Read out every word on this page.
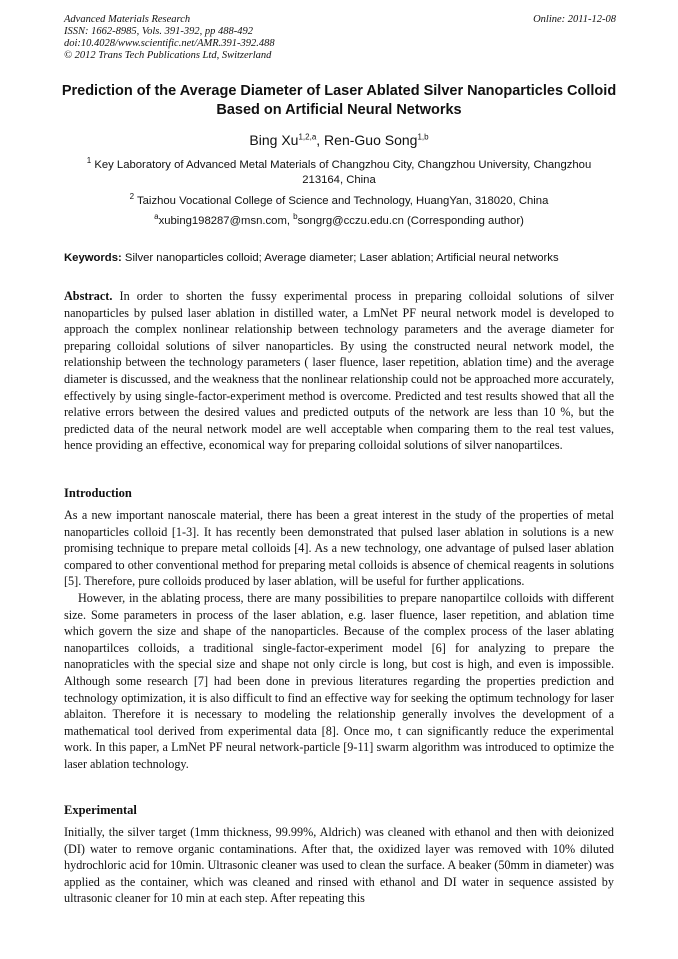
Advanced Materials Research
ISSN: 1662-8985, Vols. 391-392, pp 488-492
doi:10.4028/www.scientific.net/AMR.391-392.488
© 2012 Trans Tech Publications Ltd, Switzerland
Online: 2011-12-08
Prediction of the Average Diameter of Laser Ablated Silver Nanoparticles Colloid Based on Artificial Neural Networks
Bing Xu$^{1,2,a}$, Ren-Guo Song$^{1,b}$
$^1$ Key Laboratory of Advanced Metal Materials of Changzhou City, Changzhou University, Changzhou 213164, China
$^2$ Taizhou Vocational College of Science and Technology, HuangYan, 318020, China
$^a$xubing198287@msn.com, $^b$songrg@cczu.edu.cn (Corresponding author)
Keywords: Silver nanoparticles colloid; Average diameter; Laser ablation; Artificial neural networks

Abstract. In order to shorten the fussy experimental process in preparing colloidal solutions of silver nanoparticles by pulsed laser ablation in distilled water, a LmNet PF neural network model is developed to approach the complex nonlinear relationship between technology parameters and the average diameter for preparing colloidal solutions of silver nanoparticles. By using the constructed neural network model, the relationship between the technology parameters ( laser fluence, laser repetition, ablation time) and the average diameter is discussed, and the weakness that the nonlinear relationship could not be approached more accurately, effectively by using single-factor-experiment method is overcome. Predicted and test results showed that all the relative errors between the desired values and predicted outputs of the network are less than 10 %, but the predicted data of the neural network model are well acceptable when comparing them to the real test values, hence providing an effective, economical way for preparing colloidal solutions of silver nanopartilces.

Introduction

As a new important nanoscale material, there has been a great interest in the study of the properties of metal nanoparticles colloid [1-3]. It has recently been demonstrated that pulsed laser ablation in solutions is a new promising technique to prepare metal colloids [4]. As a new technology, one advantage of pulsed laser ablation compared to other conventional method for preparing metal colloids is absence of chemical reagents in solutions [5]. Therefore, pure colloids produced by laser ablation, will be useful for further applications.

However, in the ablating process, there are many possibilities to prepare nanopartilce colloids with different size. Some parameters in process of the laser ablation, e.g. laser fluence, laser repetition, and ablation time which govern the size and shape of the nanoparticles. Because of the complex process of the laser ablating nanopartilces colloids, a traditional single-factor-experiment model [6] for analyzing to prepare the nanopraticles with the special size and shape not only circle is long, but cost is high, and even is impossible. Although some research [7] had been done in previous literatures regarding the properties prediction and technology optimization, it is also difficult to find an effective way for seeking the optimum technology for laser ablaiton. Therefore it is necessary to modeling the relationship generally involves the development of a mathematical tool derived from experimental data [8]. Once mo, t can significantly reduce the experimental work. In this paper, a LmNet PF neural network-particle [9-11] swarm algorithm was introduced to optimize the laser ablation technology.

Experimental

Initially, the silver target (1mm thickness, 99.99%, Aldrich) was cleaned with ethanol and then with deionized (DI) water to remove organic contaminations. After that, the oxidized layer was removed with 10% diluted hydrochloric acid for 10min. Ultrasonic cleaner was used to clean the surface. A beaker (50mm in diameter) was applied as the container, which was cleaned and rinsed with ethanol and DI water in sequence assisted by ultrasonic cleaner for 10 min at each step. After repeating this
